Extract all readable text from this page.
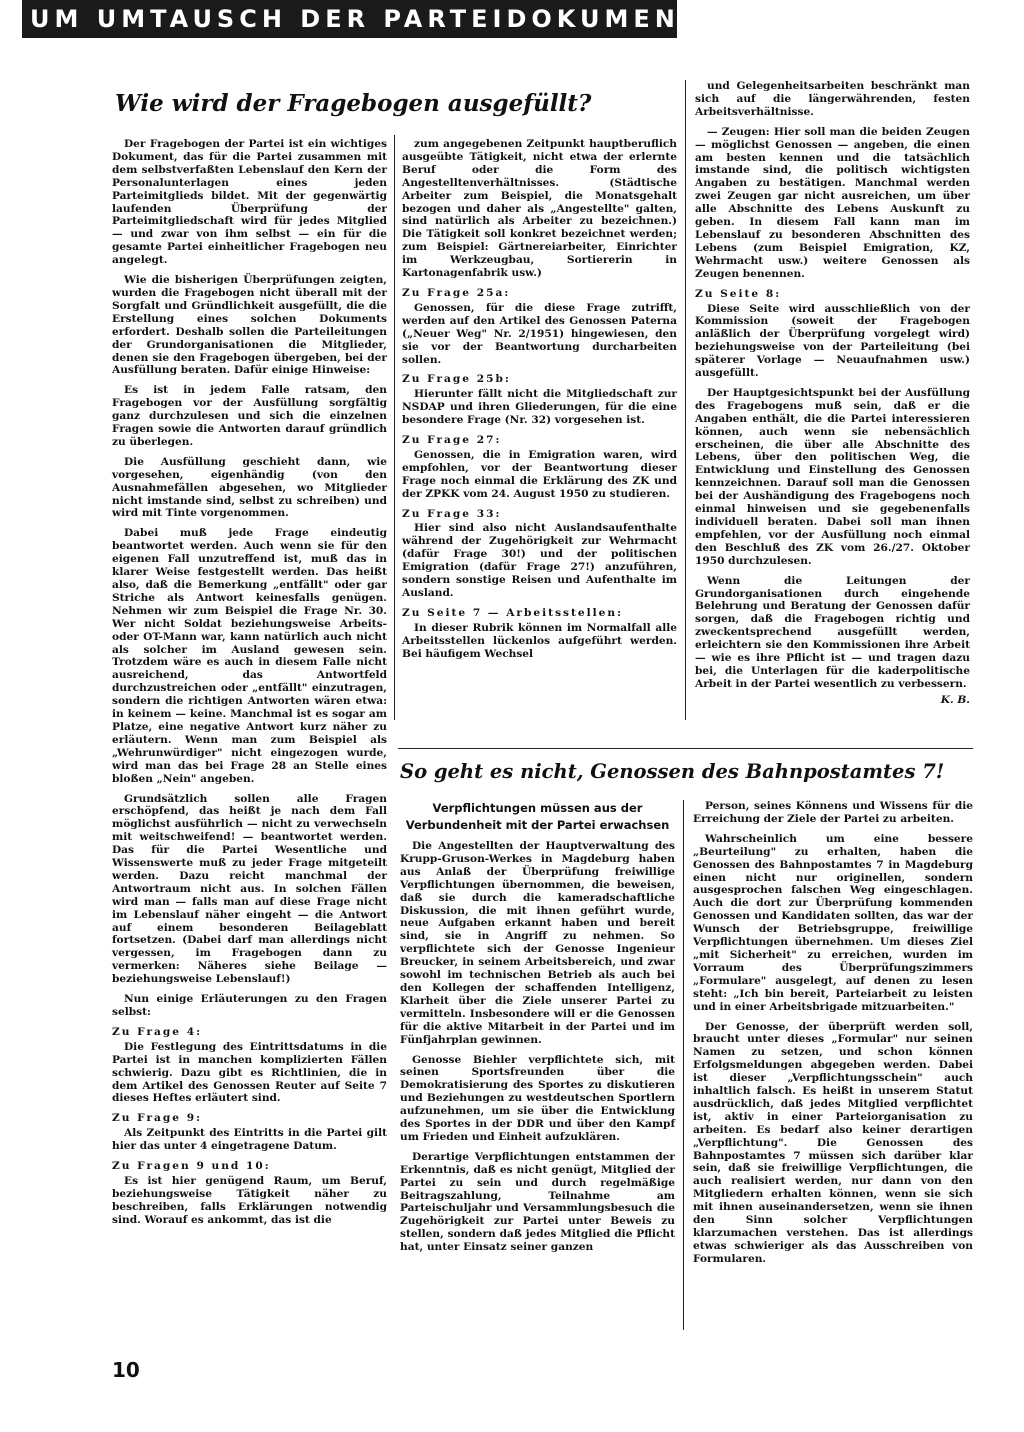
UM UMTAUSCH DER PARTEIDOKUMENTE
Wie wird der Fragebogen ausgefüllt?

Der Fragebogen der Partei ist ein wichtiges Dokument, das für die Partei zusammen mit dem selbstverfaßten Lebenslauf den Kern der Personalunterlagen eines jeden Parteimitglieds bildet. Mit der gegenwärtig laufenden Überprüfung der Parteimitgliedschaft wird für jedes Mitglied — und zwar von ihm selbst — ein für die gesamte Partei einheitlicher Fragebogen neu angelegt.

Wie die bisherigen Überprüfungen zeigten, wurden die Fragebogen nicht überall mit der Sorgfalt und Gründlichkeit ausgefüllt, die die Erstellung eines solchen Dokuments erfordert. Deshalb sollen die Parteileitungen der Grundorganisationen die Mitglieder, denen sie den Fragebogen übergeben, bei der Ausfüllung beraten. Dafür einige Hinweise:

Es ist in jedem Falle ratsam, den Fragebogen vor der Ausfüllung sorgfältig ganz durchzulesen und sich die einzelnen Fragen sowie die Antworten darauf gründlich zu überlegen.

Die Ausfüllung geschieht dann, wie vorgesehen, eigenhändig (von den Ausnahmefällen abgesehen, wo Mitglieder nicht imstande sind, selbst zu schreiben) und wird mit Tinte vorgenommen.

Dabei muß jede Frage eindeutig beantwortet werden. Auch wenn sie für den eigenen Fall unzutreffend ist, muß das in klarer Weise festgestellt werden. Das heißt also, daß die Bemerkung „entfällt" oder gar Striche als Antwort keinesfalls genügen. Nehmen wir zum Beispiel die Frage Nr. 30. Wer nicht Soldat beziehungsweise Arbeits- oder OT-Mann war, kann natürlich auch nicht als solcher im Ausland gewesen sein. Trotzdem wäre es auch in diesem Falle nicht ausreichend, das Antwortfeld durchzustreichen oder „entfällt" einzutragen, sondern die richtigen Antworten wären etwa: in keinem — keine. Manchmal ist es sogar am Platze, eine negative Antwort kurz näher zu erläutern. Wenn man zum Beispiel als „Wehrunwürdiger" nicht eingezogen wurde, wird man das bei Frage 28 an Stelle eines bloßen „Nein" angeben.

Grundsätzlich sollen alle Fragen erschöpfend, das heißt je nach dem Fall möglichst ausführlich — nicht zu verwechseln mit weitschweifend! — beantwortet werden. Das für die Partei Wesentliche und Wissenswerte muß zu jeder Frage mitgeteilt werden. Dazu reicht manchmal der Antwortraum nicht aus. In solchen Fällen wird man — falls man auf diese Frage nicht im Lebenslauf näher eingeht — die Antwort auf einem besonderen Beilageblatt fortsetzen. (Dabei darf man allerdings nicht vergessen, im Fragebogen dann zu vermerken: Näheres siehe Beilage — beziehungsweise Lebenslauf!)

Nun einige Erläuterungen zu den Fragen selbst:

Zu Frage 4:

Die Festlegung des Eintrittsdatums in die Partei ist in manchen komplizierten Fällen schwierig. Dazu gibt es Richtlinien, die in dem Artikel des Genossen Reuter auf Seite 7 dieses Heftes erläutert sind.

Zu Frage 9:

Als Zeitpunkt des Eintritts in die Partei gilt hier das unter 4 eingetragene Datum.

Zu Fragen 9 und 10:

Es ist hier genügend Raum, um Beruf, beziehungsweise Tätigkeit näher zu beschreiben, falls Erklärungen notwendig sind. Worauf es ankommt, das ist die

zum angegebenen Zeitpunkt hauptberuflich ausgeübte Tätigkeit, nicht etwa der erlernte Beruf oder die Form des Angestelltenverhältnisses. (Städtische Arbeiter zum Beispiel, die Monatsgehalt bezogen und daher als „Angestellte" galten, sind natürlich als Arbeiter zu bezeichnen.) Die Tätigkeit soll konkret bezeichnet werden; zum Beispiel: Gärtnereiarbeiter, Einrichter im Werkzeugbau, Sortiererin in Kartonagenfabrik usw.)

Zu Frage 25a:

Genossen, für die diese Frage zutrifft, werden auf den Artikel des Genossen Paterna („Neuer Weg" Nr. 2/1951) hingewiesen, den sie vor der Beantwortung durcharbeiten sollen.

Zu Frage 25b:

Hierunter fällt nicht die Mitgliedschaft zur NSDAP und ihren Gliederungen, für die eine besondere Frage (Nr. 32) vorgesehen ist.

Zu Frage 27:

Genossen, die in Emigration waren, wird empfohlen, vor der Beantwortung dieser Frage noch einmal die Erklärung des ZK und der ZPKK vom 24. August 1950 zu studieren.

Zu Frage 33:

Hier sind also nicht Auslandsaufenthalte während der Zugehörigkeit zur Wehrmacht (dafür Frage 30!) und der politischen Emigration (dafür Frage 27!) anzuführen, sondern sonstige Reisen und Aufenthalte im Ausland.

Zu Seite 7 — Arbeitsstellen:

In dieser Rubrik können im Normalfall alle Arbeitsstellen lückenlos aufgeführt werden. Bei häufigem Wechsel

und Gelegenheitsarbeiten beschränkt man sich auf die längerwährenden, festen Arbeitsverhältnisse.

— Zeugen: Hier soll man die beiden Zeugen — möglichst Genossen — angeben, die einen am besten kennen und die tatsächlich imstande sind, die politisch wichtigsten Angaben zu bestätigen. Manchmal werden zwei Zeugen gar nicht ausreichen, um über alle Abschnitte des Lebens Auskunft zu geben. In diesem Fall kann man im Lebenslauf zu besonderen Abschnitten des Lebens (zum Beispiel Emigration, KZ, Wehrmacht usw.) weitere Genossen als Zeugen benennen.

Zu Seite 8:

Diese Seite wird ausschließlich von der Kommission (soweit der Fragebogen anläßlich der Überprüfung vorgelegt wird) beziehungsweise von der Parteileitung (bei späterer Vorlage — Neuaufnahmen usw.) ausgefüllt.

Der Hauptgesichtspunkt bei der Ausfüllung des Fragebogens muß sein, daß er die Angaben enthält, die die Partei interessieren können, auch wenn sie nebensächlich erscheinen, die über alle Abschnitte des Lebens, über den politischen Weg, die Entwicklung und Einstellung des Genossen kennzeichnen. Darauf soll man die Genossen bei der Aushändigung des Fragebogens noch einmal hinweisen und sie gegebenenfalls individuell beraten. Dabei soll man ihnen empfehlen, vor der Ausfüllung noch einmal den Beschluß des ZK vom 26./27. Oktober 1950 durchzulesen.

Wenn die Leitungen der Grundorganisationen durch eingehende Belehrung und Beratung der Genossen dafür sorgen, daß die Fragebogen richtig und zweckentsprechend ausgefüllt werden, erleichtern sie den Kommissionen ihre Arbeit — wie es ihre Pflicht ist — und tragen dazu bei, die Unterlagen für die kaderpolitische Arbeit in der Partei wesentlich zu verbessern.

K. B.

So geht es nicht, Genossen des Bahnpostamtes 7!
Verpflichtungen müssen aus der Verbundenheit mit der Partei erwachsen

Die Angestellten der Hauptverwaltung des Krupp-Gruson-Werkes in Magdeburg haben aus Anlaß der Überprüfung freiwillige Verpflichtungen übernommen, die beweisen, daß sie durch die kameradschaftliche Diskussion, die mit ihnen geführt wurde, neue Aufgaben erkannt haben und bereit sind, sie in Angriff zu nehmen. So verpflichtete sich der Genosse Ingenieur Breucker, in seinem Arbeitsbereich, und zwar sowohl im technischen Betrieb als auch bei den Kollegen der schaffenden Intelligenz, Klarheit über die Ziele unserer Partei zu vermitteln. Insbesondere will er die Genossen für die aktive Mitarbeit in der Partei und im Fünfjahrplan gewinnen.

Genosse Biehler verpflichtete sich, mit seinen Sportsfreunden über die Demokratisierung des Sportes zu diskutieren und Beziehungen zu westdeutschen Sportlern aufzunehmen, um sie über die Entwicklung des Sportes in der DDR und über den Kampf um Frieden und Einheit aufzuklären.

Derartige Verpflichtungen entstammen der Erkenntnis, daß es nicht genügt, Mitglied der Partei zu sein und durch regelmäßige Beitragszahlung, Teilnahme am Parteischuljahr und Versammlungsbesuch die Zugehörigkeit zur Partei unter Beweis zu stellen, sondern daß jedes Mitglied die Pflicht hat, unter Einsatz seiner ganzen

Person, seines Könnens und Wissens für die Erreichung der Ziele der Partei zu arbeiten.

Wahrscheinlich um eine bessere „Beurteilung" zu erhalten, haben die Genossen des Bahnpostamtes 7 in Magdeburg einen nicht nur originellen, sondern ausgesprochen falschen Weg eingeschlagen. Auch die dort zur Überprüfung kommenden Genossen und Kandidaten sollten, das war der Wunsch der Betriebsgruppe, freiwillige Verpflichtungen übernehmen. Um dieses Ziel „mit Sicherheit" zu erreichen, wurden im Vorraum des Überprüfungszimmers „Formulare" ausgelegt, auf denen zu lesen steht: „Ich bin bereit, Parteiarbeit zu leisten und in einer Arbeitsbrigade mitzuarbeiten."

Der Genosse, der überprüft werden soll, braucht unter dieses „Formular" nur seinen Namen zu setzen, und schon können Erfolgsmeldungen abgegeben werden. Dabei ist dieser „Verpflichtungsschein" auch inhaltlich falsch. Es heißt in unserem Statut ausdrücklich, daß jedes Mitglied verpflichtet ist, aktiv in einer Parteiorganisation zu arbeiten. Es bedarf also keiner derartigen „Verpflichtung". Die Genossen des Bahnpostamtes 7 müssen sich darüber klar sein, daß sie freiwillige Verpflichtungen, die auch realisiert werden, nur dann von den Mitgliedern erhalten können, wenn sie sich mit ihnen auseinandersetzen, wenn sie ihnen den Sinn solcher Verpflichtungen klarzumachen verstehen. Das ist allerdings etwas schwieriger als das Ausschreiben von Formularen.

10
